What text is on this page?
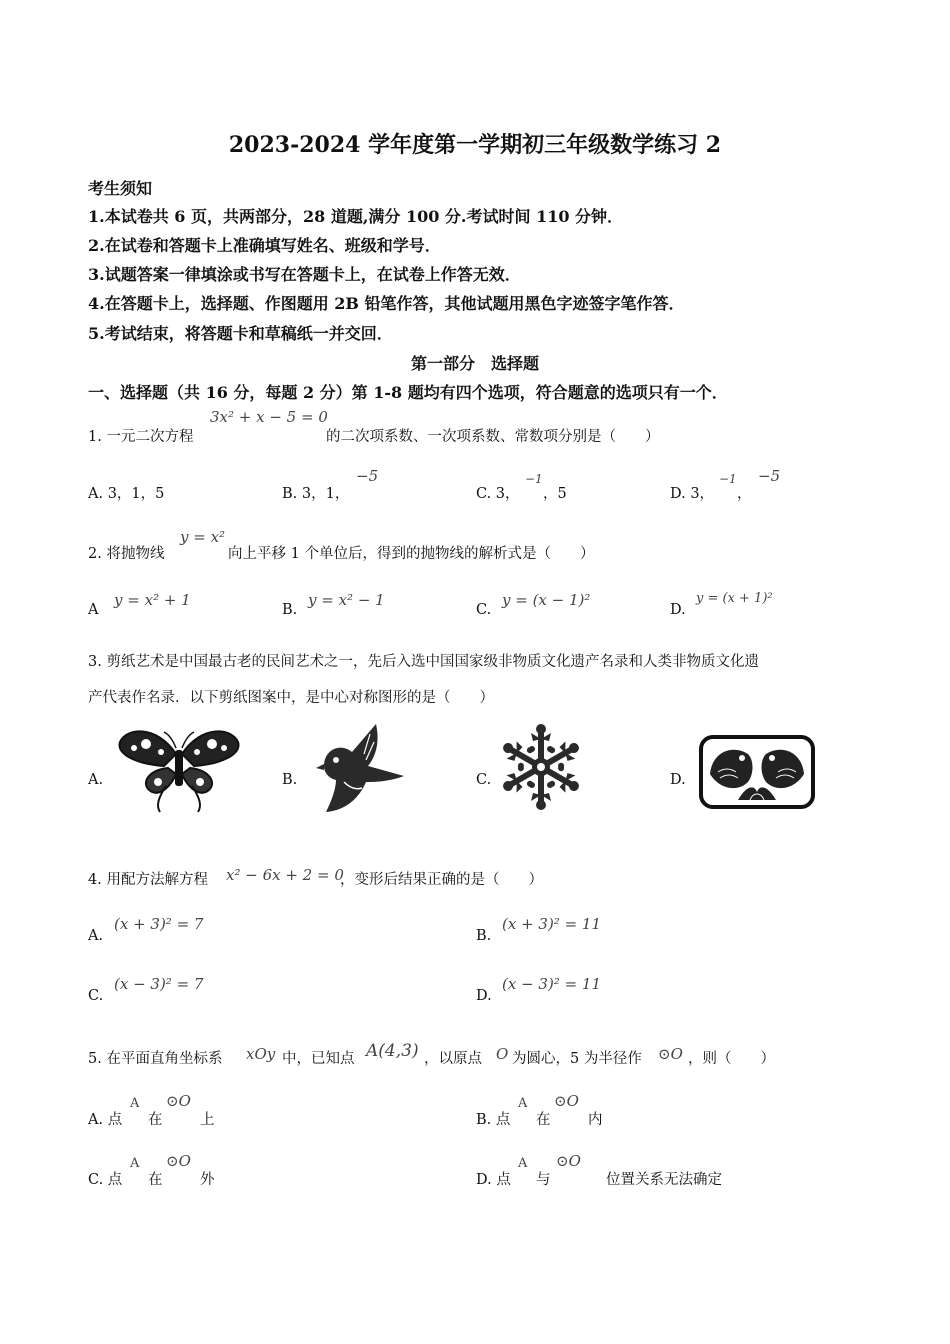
2023-2024 学年度第一学期初三年级数学练习 2
考生须知
1.本试卷共 6 页，共两部分，28 道题,满分 100 分.考试时间 110 分钟．
2.在试卷和答题卡上准确填写姓名、班级和学号．
3.试题答案一律填涂或书写在答题卡上，在试卷上作答无效．
4.在答题卡上，选择题、作图题用 2B 铅笔作答，其他试题用黑色字迹签字笔作答．
5.考试结束，将答题卡和草稿纸一并交回．
第一部分　选择题
一、选择题（共 16 分，每题 2 分）第 1-8 题均有四个选项，符合题意的选项只有一个．
1. 一元二次方程
3x² + x − 5 = 0
的二次项系数、一次项系数、常数项分别是（　　）
A. 3，1，5	B. 3，1，
−5
C. 3，
−1
，5	D. 3，
−1
，
−5
2. 将抛物线
y = x²
向上平移 1 个单位后，得到的抛物线的解析式是（　　）
A
y = x² + 1
B.
y = x² − 1
C.
y = (x − 1)²
D.
y = (x + 1)²
3. 剪纸艺术是中国最古老的民间艺术之一，先后入选中国国家级非物质文化遗产名录和人类非物质文化遗
产代表作名录．以下剪纸图案中，是中心对称图形的是（　　）
A.	B.	C.	D.
4. 用配方法解方程 x² − 6x + 2 = 0
，变形后结果正确的是（　　）
A.
(x + 3)² = 7
B.
(x + 3)² = 11
C.
(x − 3)² = 7
D.
(x − 3)² = 11
5. 在平面直角坐标系 xOy 中，已知点 A(4,3) ，以原点 O 为圆心，5 为半径作 ⊙O ，则（　　）
A. 点
A
在
⊙O
上	B. 点
A
在
⊙O
内
C. 点
A
在
⊙O
外	D. 点
A
与
⊙O
位置关系无法确定
